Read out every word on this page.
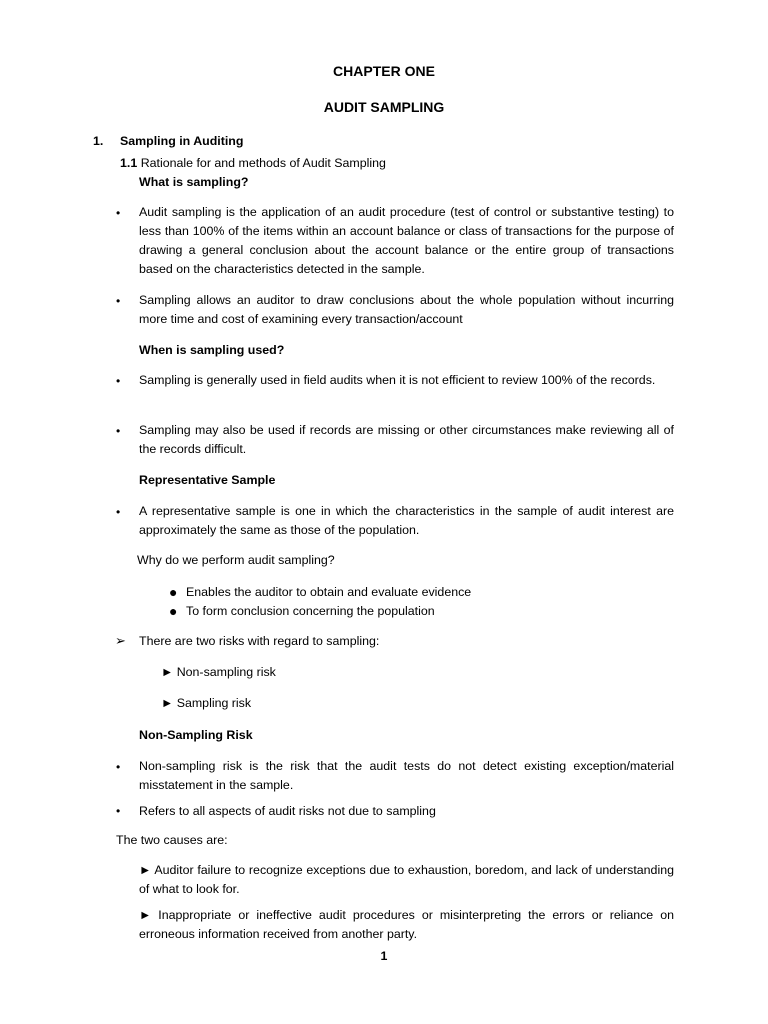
CHAPTER ONE
AUDIT SAMPLING
1. Sampling in Auditing
1.1 Rationale for and methods of Audit Sampling
What is sampling?
• Audit sampling is the application of an audit procedure (test of control or substantive testing) to less than 100% of the items within an account balance or class of transactions for the purpose of drawing a general conclusion about the account balance or the entire group of transactions based on the characteristics detected in the sample.
• Sampling allows an auditor to draw conclusions about the whole population without incurring more time and cost of examining every transaction/account
When is sampling used?
• Sampling is generally used in field audits when it is not efficient to review 100% of the records.
• Sampling may also be used if records are missing or other circumstances make reviewing all of the records difficult.
Representative Sample
• A representative sample is one in which the characteristics in the sample of audit interest are approximately the same as those of the population.
Why do we perform audit sampling?
● Enables the auditor to obtain and evaluate evidence
● To form conclusion concerning the population
➢ There are two risks with regard to sampling:
► Non-sampling risk
► Sampling risk
Non-Sampling Risk
• Non-sampling risk is the risk that the audit tests do not detect existing exception/material misstatement in the sample.
• Refers to all aspects of audit risks not due to sampling
The two causes are:
► Auditor failure to recognize exceptions due to exhaustion, boredom, and lack of understanding of what to look for.
► Inappropriate or ineffective audit procedures or misinterpreting the errors or reliance on erroneous information received from another party.
1
